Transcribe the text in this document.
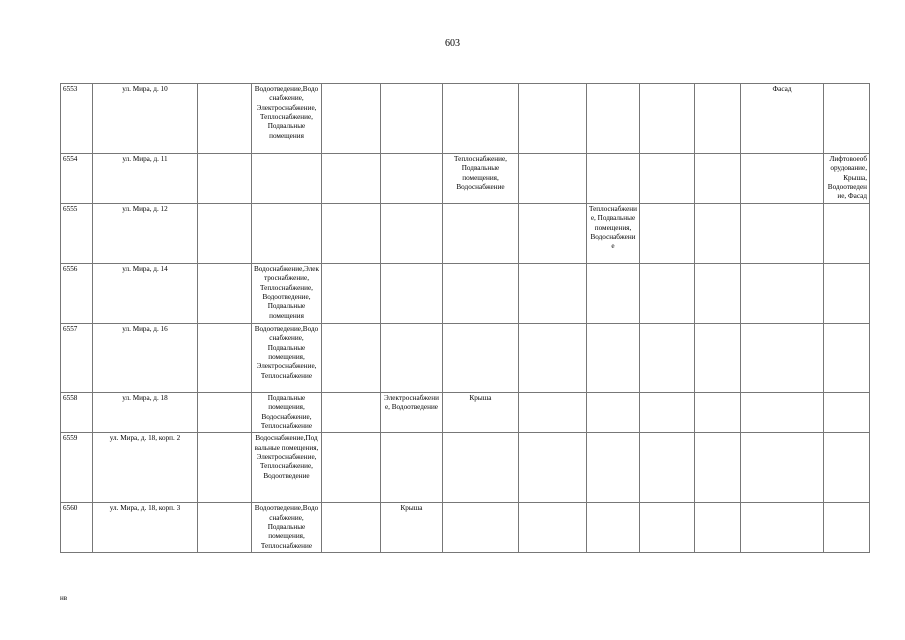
603
6553	ул. Мира, д. 10		Водоотведение,Водоснабжение, Электроснабжение, Теплоснабжение, Подвальные помещения								Фасад	
6554	ул. Мира, д. 11					Теплоснабжение, Подвальные помещения, Водоснабжение						Лифтовоеоборудование, Крыша, Водоотведение, Фасад
6555	ул. Мира, д. 12							Теплоснабжение, Подвальные помещения, Водоснабжение				
6556	ул. Мира, д. 14		Водоснабжение,Электроснабжение, Теплоснабжение, Водоотведение, Подвальные помещения									
6557	ул. Мира, д. 16		Водоотведение,Водоснабжение, Подвальные помещения, Электроснабжение, Теплоснабжение									
6558	ул. Мира, д. 18		Подвальные помещения, Водоснабжение, Теплоснабжение		Электроснабжение, Водоотведение	Крыша						
6559	ул. Мира, д. 18, корп. 2		Водоснабжение,Подвальные помещения, Электроснабжение, Теплоснабжение, Водоотведение									
6560	ул. Мира, д. 18, корп. 3		Водоотведение,Водоснабжение, Подвальные помещения, Теплоснабжение		Крыша							
нв
